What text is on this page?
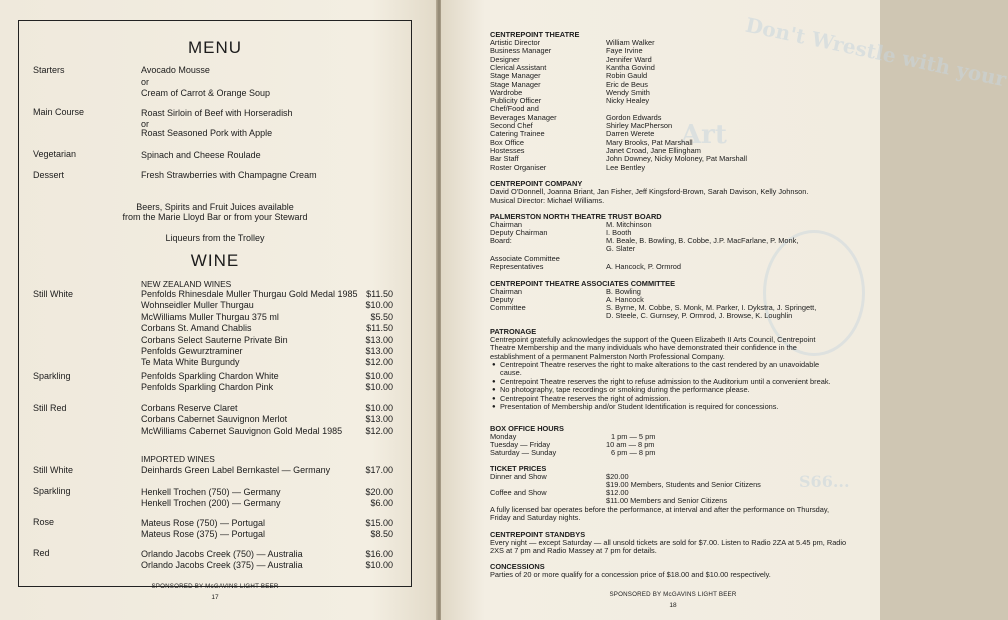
MENU
Starters	Avocado Mousse
or
Cream of Carrot & Orange Soup
Main Course	Roast Sirloin of Beef with Horseradish
or
Roast Seasoned Pork with Apple
Vegetarian	Spinach and Cheese Roulade
Dessert	Fresh Strawberries with Champagne Cream
Beers, Spirits and Fruit Juices available
from the Marie Lloyd Bar or from your Steward
Liqueurs from the Trolley
WINE
NEW ZEALAND WINES
Still White	Penfolds Rhinesdale Muller Thurgau Gold Medal 1985 $11.50
Wohnseidler Muller Thurgau	$10.00
McWilliams Muller Thurgau 375 ml	$5.50
Corbans St. Amand Chablis	$11.50
Corbans Select Sauterne Private Bin	$13.00
Penfolds Gewurztraminer	$13.00
Te Mata White Burgundy	$12.00
Sparkling	Penfolds Sparkling Chardon White	$10.00
Penfolds Sparkling Chardon Pink	$10.00
Still Red	Corbans Reserve Claret	$10.00
Corbans Cabernet Sauvignon Merlot	$13.00
McWilliams Cabernet Sauvignon Gold Medal 1985	$12.00
IMPORTED WINES
Still White	Deinhards Green Label Bernkastel — Germany	$17.00
Sparkling	Henkell Trochen (750) — Germany	$20.00
Henkell Trochen (200) — Germany	$6.00
Rose	Mateus Rose (750) — Portugal	$15.00
Mateus Rose (375) — Portugal	$8.50
Red	Orlando Jacobs Creek (750) — Australia	$16.00
Orlando Jacobs Creek (375) — Australia	$10.00
SPONSORED BY McGAVINS LIGHT BEER
17
Don't Wrestle with your
Art
S66...
CENTREPOINT THEATRE
Artistic Director	William Walker
Business Manager	Faye Irvine
Designer	Jennifer Ward
Clerical Assistant	Kantha Govind
Stage Manager	Robin Gauld
Stage Manager	Eric de Beus
Wardrobe	Wendy Smith
Publicity Officer	Nicky Healey
Chef/Food and
Beverages Manager	Gordon Edwards
Second Chef	Shirley MacPherson
Catering Trainee	Darren Werete
Box Office	Mary Brooks, Pat Marshall
Hostesses	Janet Croad, Jane Ellingham
Bar Staff	John Downey, Nicky Moloney, Pat Marshall
Roster Organiser	Lee Bentley
CENTREPOINT COMPANY
David O'Donnell, Joanna Briant, Jan Fisher, Jeff Kingsford-Brown, Sarah Davison, Kelly Johnson.
Musical Director: Michael Williams.
PALMERSTON NORTH THEATRE TRUST BOARD
Chairman	M. Mitchinson
Deputy Chairman	I. Booth
Board:	M. Beale, B. Bowling, B. Cobbe, J.P. MacFarlane, P. Monk,
G. Slater
Associate Committee
Representatives	A. Hancock, P. Ormrod
CENTREPOINT THEATRE ASSOCIATES COMMITTEE
Chairman	B. Bowling
Deputy	A. Hancock
Committee	S. Byrne, M. Cobbe, S. Monk, M. Parker, I. Dykstra, J. Springett,
D. Steele, C. Gurnsey, P. Ormrod, J. Browse, K. Loughlin
PATRONAGE
Centrepoint gratefully acknowledges the support of the Queen Elizabeth II Arts Council, Centrepoint Theatre Membership and the many individuals who have demonstrated their confidence in the establishment of a permanent Palmerston North Professional Company.
● Centrepoint Theatre reserves the right to make alterations to the cast rendered by an unavoidable cause.
● Centrepoint Theatre reserves the right to refuse admission to the Auditorium until a convenient break.
● No photography, tape recordings or smoking during the performance please.
● Centrepoint Theatre reserves the right of admission.
● Presentation of Membership and/or Student Identification is required for concessions.
BOX OFFICE HOURS
Monday	1 pm — 5 pm
Tuesday — Friday	10 am — 8 pm
Saturday — Sunday	6 pm — 8 pm
TICKET PRICES
Dinner and Show	$20.00
$19.00 Members, Students and Senior Citizens
Coffee and Show	$12.00
$11.00 Members and Senior Citizens
A fully licensed bar operates before the performance, at interval and after the performance on Thursday, Friday and Saturday nights.
CENTREPOINT STANDBYS
Every night — except Saturday — all unsold tickets are sold for $7.00. Listen to Radio 2ZA at 5.45 pm, Radio 2XS at 7 pm and Radio Massey at 7 pm for details.
CONCESSIONS
Parties of 20 or more qualify for a concession price of $18.00 and $10.00 respectively.
SPONSORED BY McGAVINS LIGHT BEER
18
